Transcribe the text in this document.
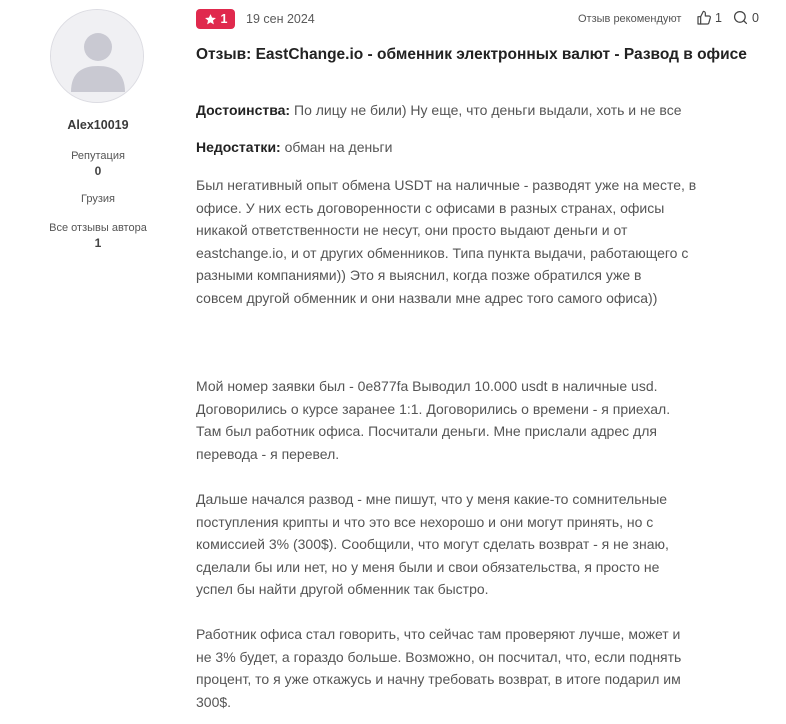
Alex10019
Репутация
0
Грузия
Все отзывы автора
1
1 19 сен 2024	Отзыв рекомендуют	1 0
Отзыв: EastChange.io - обменник электронных валют - Развод в офисе
Достоинства: По лицу не били) Ну еще, что деньги выдали, хоть и не все
Недостатки: обман на деньги
Был негативный опыт обмена USDT на наличные - разводят уже на месте, в
офисе. У них есть договоренности с офисами в разных странах, офисы
никакой ответственности не несут, они просто выдают деньги и от
eastchange.io, и от других обменников. Типа пункта выдачи, работающего с
разными компаниями)) Это я выяснил, когда позже обратился уже в
совсем другой обменник и они назвали мне адрес того самого офиса))
Мой номер заявки был - 0e877fa Выводил 10.000 usdt в наличные usd.
Договорились о курсе заранее 1:1. Договорились о времени - я приехал.
Там был работник офиса. Посчитали деньги. Мне прислали адрес для
перевода - я перевел.
Дальше начался развод - мне пишут, что у меня какие-то сомнительные
поступления крипты и что это все нехорошо и они могут принять, но с
комиссией 3% (300$). Сообщили, что могут сделать возврат - я не знаю,
сделали бы или нет, но у меня были и свои обязательства, я просто не
успел бы найти другой обменник так быстро.
Работник офиса стал говорить, что сейчас там проверяют лучше, может и
не 3% будет, а гораздо больше. Возможно, он посчитал, что, если поднять
процент, то я уже откажусь и начну требовать возврат, в итоге подарил им
300$.
